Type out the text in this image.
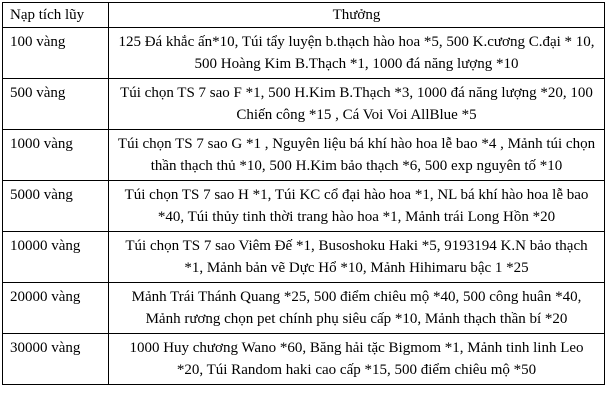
Nạp tích lũy	Thưởng
100 vàng	125 Đá khắc ấn*10, Túi tẩy luyện b.thạch hào hoa *5, 500 K.cương C.đại * 10, 500 Hoàng Kim B.Thạch *1, 1000 đá năng lượng *10
500 vàng	Túi chọn TS 7 sao F *1, 500 H.Kim B.Thạch *3, 1000 đá năng lượng *20, 100 Chiến công *15 , Cá Voi Voi AllBlue *5
1000 vàng	Túi chọn TS 7 sao G *1 , Nguyên liệu bá khí hào hoa lễ bao *4 , Mảnh túi chọn thần thạch thủ *10, 500 H.Kim bảo thạch *6, 500 exp nguyên tố *10
5000 vàng	Túi chọn TS 7 sao H *1, Túi KC cổ đại hào hoa *1, NL bá khí hào hoa lễ bao *40, Túi thủy tinh thời trang hào hoa *1, Mảnh trái Long Hồn *20
10000 vàng	Túi chọn TS 7 sao Viêm Đế *1, Busoshoku Haki *5, 9193194 K.N bảo thạch *1, Mảnh bản vẽ Dực Hổ *10, Mảnh Hihimaru bậc 1 *25
20000 vàng	Mảnh Trái Thánh Quang *25, 500 điểm chiêu mộ *40, 500 công huân *40, Mảnh rương chọn pet chính phụ siêu cấp *10, Mảnh thạch thần bí *20
30000 vàng	1000 Huy chương Wano *60, Băng hải tặc Bigmom *1, Mảnh tinh linh Leo *20, Túi Random haki cao cấp *15, 500 điểm chiêu mộ *50
